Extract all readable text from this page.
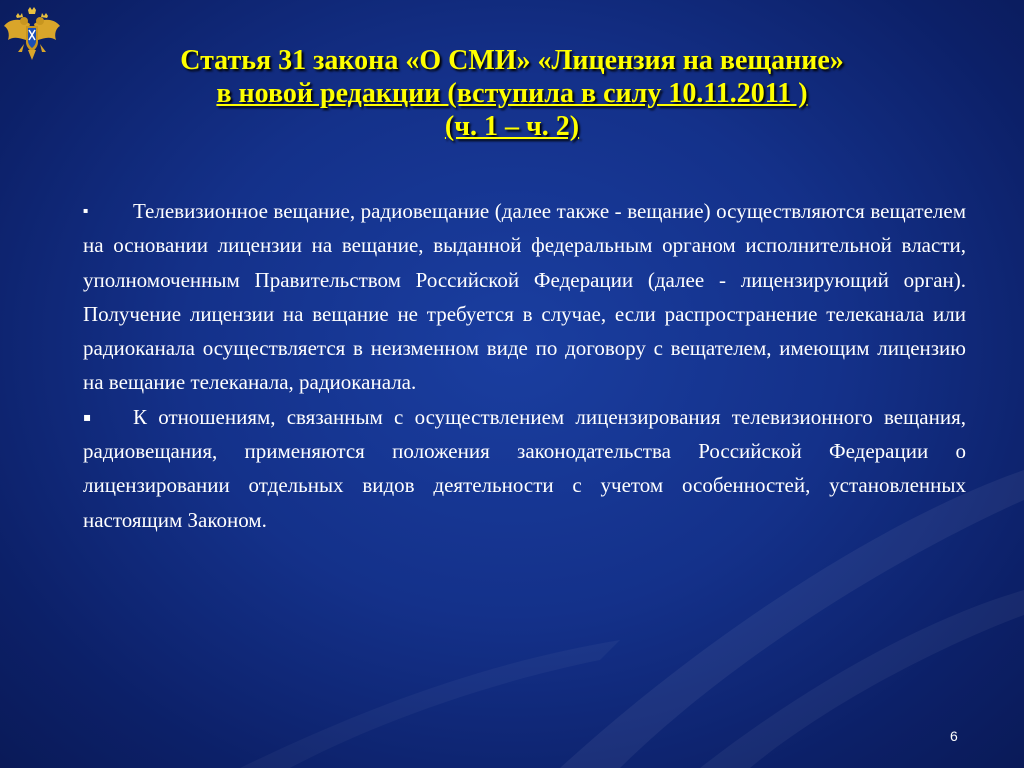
Статья 31 закона «О СМИ» «Лицензия на вещание»
в новой редакции (вступила в силу 10.11.2011 )
(ч. 1 – ч. 2)

▪ Телевизионное вещание, радиовещание (далее также - вещание) осуществляются вещателем на основании лицензии на вещание, выданной федеральным органом исполнительной власти, уполномоченным Правительством Российской Федерации (далее - лицензирующий орган). Получение лицензии на вещание не требуется в случае, если распространение телеканала или радиоканала осуществляется в неизменном виде по договору с вещателем, имеющим лицензию на вещание телеканала, радиоканала.

▪ К отношениям, связанным с осуществлением лицензирования телевизионного вещания, радиовещания, применяются положения законодательства Российской Федерации о лицензировании отдельных видов деятельности с учетом особенностей, установленных настоящим Законом.

6
